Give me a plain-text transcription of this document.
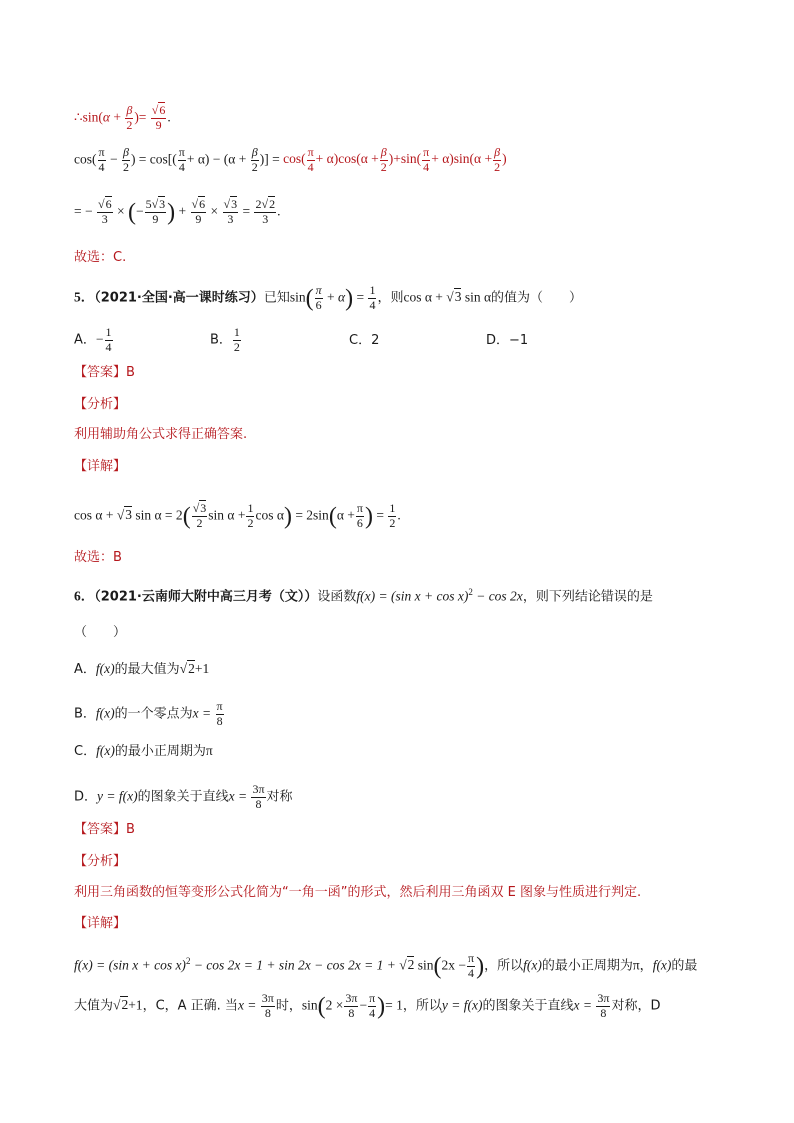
∴sin(α + $\frac{\beta}{2}$ )= $\frac{√6}{9}$ .
$\cos( \frac{\pi}{4} - \frac{\beta}{2}$ ) = $\cos[( \frac{\pi}{4} + \alpha) - (\alpha + \frac{\beta}{2}$ )] = $\cos( \frac{\pi}{4} + \alpha)\cos(\alpha + \frac{\beta}{2} )+\sin( \frac{\pi}{4} + \alpha)\sin(\alpha + \frac{\beta}{2}$ )
= − $\frac{√6}{3}$ × (− $\frac{5√3}{9}$ ) + $\frac{√6}{9} \times \frac{√3}{3} = \frac{2√2}{3}$ .
故选：C.
5．（2021·全国·高一课时练习）已知$\sin( \frac{\pi}{6} + \alpha) = \frac{1}{4}$ ，则cos α + √3 sin α的值为（　　）
A．− $\frac{1}{4}$	B． $\frac{1}{2}$	C．2	D．−1
【答案】B
【分析】
利用辅助角公式求得正确答案.
【详解】
cos α + √3 $\sin \alpha = 2( \frac{√3}{2}$ $\sin \alpha + \frac{1}{2}$ $\cos \alpha) = 2\sin(\alpha + \frac{\pi}{6}$ ) = $\frac{1}{2}$ .
故选：B
6．（2021·云南师大附中高三月考（文））设函数f(x) = (sin x + cos x)$^2$ − cos 2x，则下列结论错误的是
（　　）
A．f(x)的最大值为√2+1
B．f(x)的一个零点为$x = \frac{\pi}{8}$
C．f(x)的最小正周期为π
D．y = f(x)的图象关于直线$x = \frac{3\pi}{8}$ 对称
【答案】B
【分析】
利用三角函数的恒等变形公式化简为“一角一函”的形式，然后利用三角函双 E 图象与性质进行判定.
【详解】
f(x) = (sin x + cos x)$^2$ − cos 2x = 1 + sin 2x − cos 2x = 1 + √2 $\sin(2x - \frac{\pi}{4}$ )，所以f(x)的最小正周期为π，f(x)的最
大值为√2+1，C，A 正确. 当$x = \frac{3\pi}{8}$ 时，$\sin(2 \times \frac{3\pi}{8} - \frac{\pi}{4}$ )= 1，所以y = f(x)的图象关于直线$x = \frac{3\pi}{8}$ 对称，D
